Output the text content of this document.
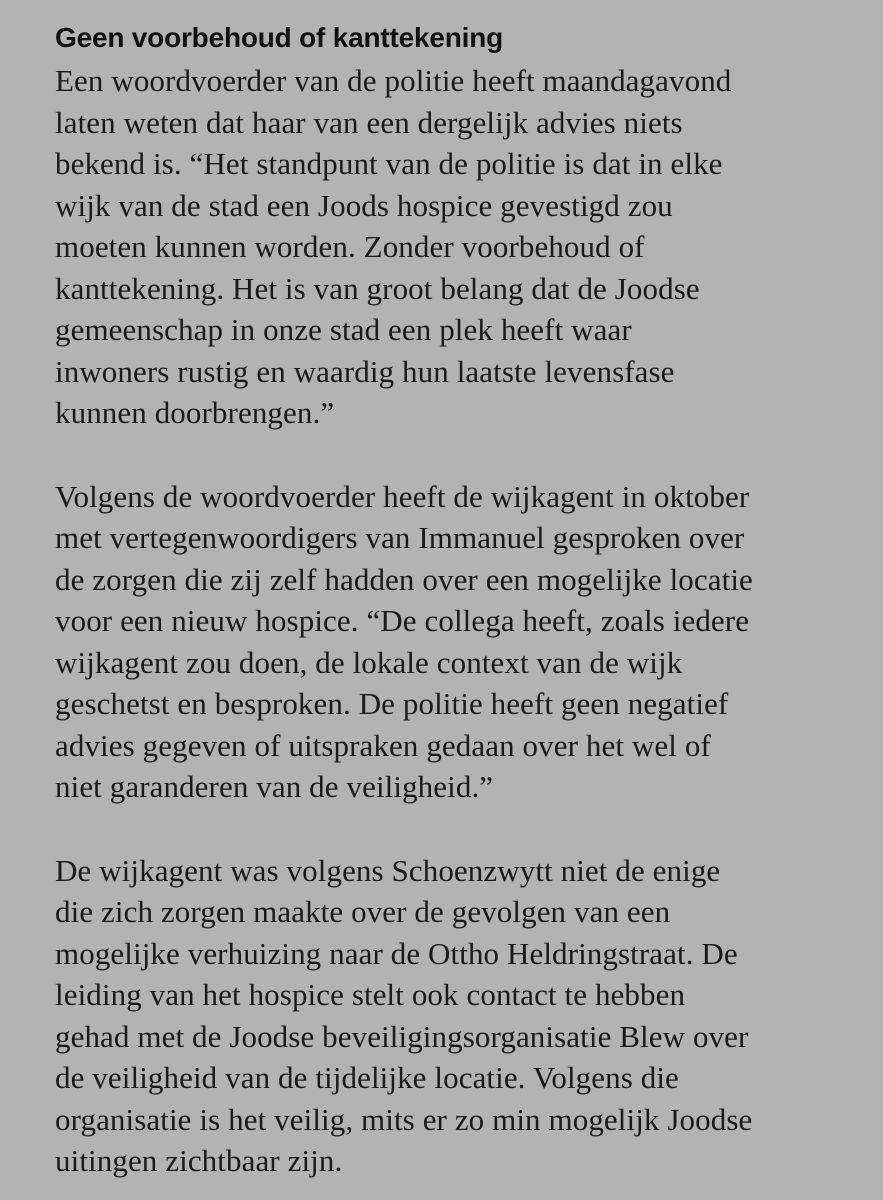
Geen voorbehoud of kanttekening

Een woordvoerder van de politie heeft maandagavond
laten weten dat haar van een dergelijk advies niets
bekend is. “Het standpunt van de politie is dat in elke
wijk van de stad een Joods hospice gevestigd zou
moeten kunnen worden. Zonder voorbehoud of
kanttekening. Het is van groot belang dat de Joodse
gemeenschap in onze stad een plek heeft waar
inwoners rustig en waardig hun laatste levensfase
kunnen doorbrengen.”

Volgens de woordvoerder heeft de wijkagent in oktober
met vertegenwoordigers van Immanuel gesproken over
de zorgen die zij zelf hadden over een mogelijke locatie
voor een nieuw hospice. “De collega heeft, zoals iedere
wijkagent zou doen, de lokale context van de wijk
geschetst en besproken. De politie heeft geen negatief
advies gegeven of uitspraken gedaan over het wel of
niet garanderen van de veiligheid.”

De wijkagent was volgens Schoenzwytt niet de enige
die zich zorgen maakte over de gevolgen van een
mogelijke verhuizing naar de Ottho Heldringstraat. De
leiding van het hospice stelt ook contact te hebben
gehad met de Joodse beveiligingsorganisatie Blew over
de veiligheid van de tijdelijke locatie. Volgens die
organisatie is het veilig, mits er zo min mogelijk Joodse
uitingen zichtbaar zijn.
